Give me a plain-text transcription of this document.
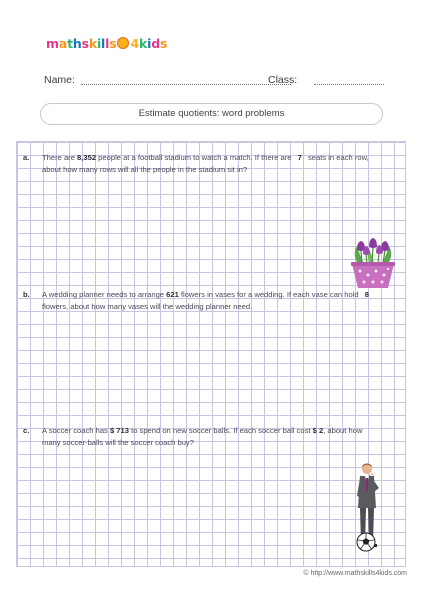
mathskills 4kids
Name:	Class:
Estimate quotients: word problems
a. There are 8,352 people at a football stadium to watch a match. If there are 7 seats in each row, about how many rows will all the people in the stadium sit in?
b. A wedding planner needs to arrange 621 flowers in vases for a wedding. If each vase can hold 8 flowers, about how many vases will the wedding planner need.
c. A soccer coach has $ 713 to spend on new soccer balls. If each soccer ball cost $ 2, about how many soccer-balls will the soccer coach buy?
© http://www.mathskills4kids.com
